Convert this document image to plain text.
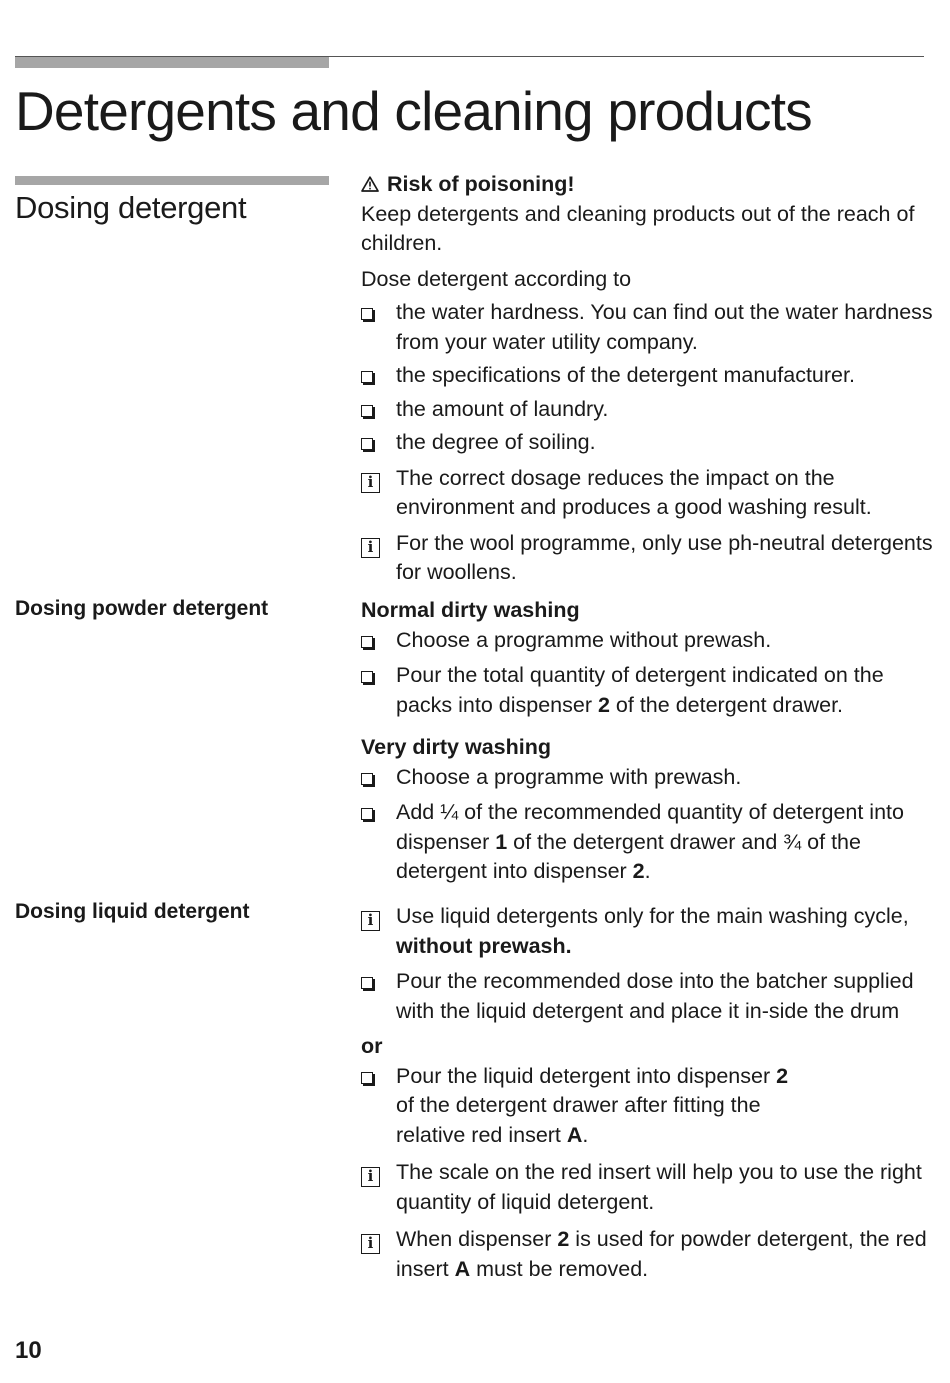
Detergents and cleaning products
Dosing detergent

Risk of poisoning!

Keep detergents and cleaning products out of the reach of children.

Dose detergent according to

the water hardness. You can find out the water hardness from your water utility company.

the specifications of the detergent manufacturer.

the amount of laundry.

the degree of soiling.

i	The correct dosage reduces the impact on the environment and produces a good washing result.

i	For the wool programme, only use ph-neutral detergents for woollens.

Dosing powder detergent	Normal dirty washing

Choose a programme without prewash.

Pour the total quantity of detergent indicated on the packs into dispenser 2 of the detergent drawer.

Very dirty washing

Choose a programme with prewash.

Add ¼ of the recommended quantity of detergent into dispenser 1 of the detergent drawer and ¾ of the detergent into dispenser 2.

Dosing liquid detergent	i	Use liquid detergents only for the main washing cycle, without prewash.

Pour the recommended dose into the batcher supplied with the liquid detergent and place it in-side the drum

or

Pour the liquid detergent into dispenser 2
of the detergent drawer after fitting the
relative red insert A.

i	The scale on the red insert will help you to use the right quantity of liquid detergent.

i	When dispenser 2 is used for powder detergent, the red insert A must be removed.

10
